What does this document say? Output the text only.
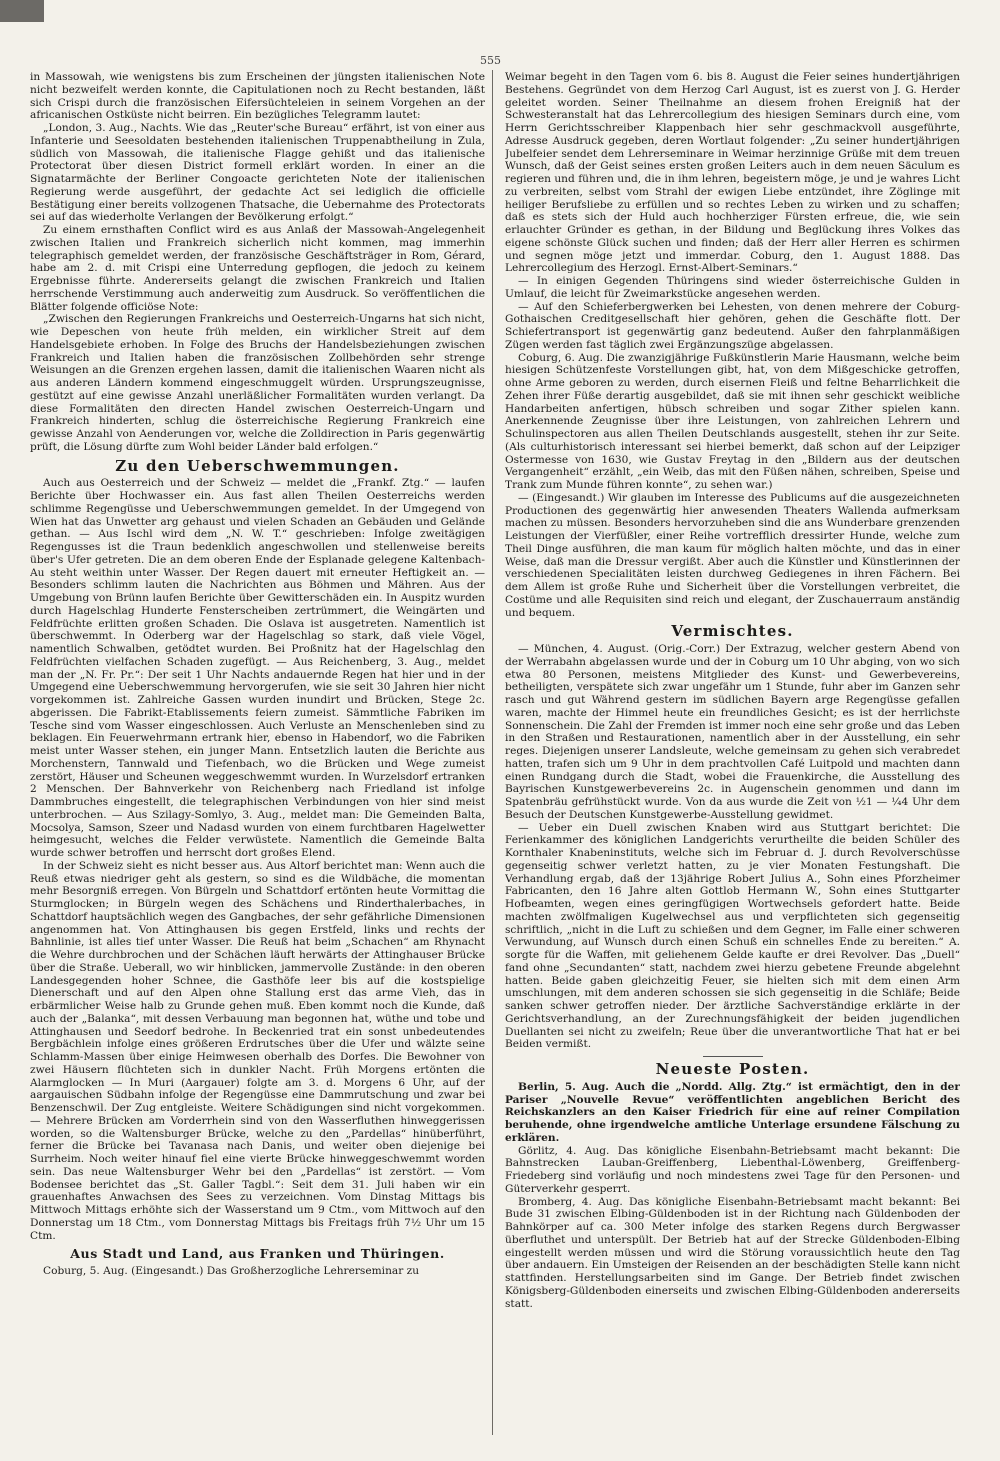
555

in Massowah, wie wenigstens bis zum Erscheinen der jüngsten italienischen Note nicht bezweifelt werden konnte, die Capitulationen noch zu Recht bestanden, läßt sich Crispi durch die französischen Eifersüchteleien in seinem Vorgehen an der africanischen Ostküste nicht beirren. Ein bezügliches Telegramm lautet:

„London, 3. Aug., Nachts. Wie das „Reuter'sche Bureau“ erfährt, ist von einer aus Infanterie und Seesoldaten bestehenden italienischen Truppenabtheilung in Zula, südlich von Massowah, die italienische Flagge gehißt und das italienische Protectorat über diesen District formell erklärt worden. In einer an die Signatarmächte der Berliner Congoacte gerichteten Note der italienischen Regierung werde ausgeführt, der gedachte Act sei lediglich die officielle Bestätigung einer bereits vollzogenen Thatsache, die Uebernahme des Protectorats sei auf das wiederholte Verlangen der Bevölkerung erfolgt.“

Zu einem ernsthaften Conflict wird es aus Anlaß der Massowah-Angelegenheit zwischen Italien und Frankreich sicherlich nicht kommen, mag immerhin telegraphisch gemeldet werden, der französische Geschäftsträger in Rom, Gérard, habe am 2. d. mit Crispi eine Unterredung gepflogen, die jedoch zu keinem Ergebnisse führte. Andererseits gelangt die zwischen Frankreich und Italien herrschende Verstimmung auch anderweitig zum Ausdruck. So veröffentlichen die Blätter folgende officiöse Note:

„Zwischen den Regierungen Frankreichs und Oesterreich-Ungarns hat sich nicht, wie Depeschen von heute früh melden, ein wirklicher Streit auf dem Handelsgebiete erhoben. In Folge des Bruchs der Handelsbeziehungen zwischen Frankreich und Italien haben die französischen Zollbehörden sehr strenge Weisungen an die Grenzen ergehen lassen, damit die italienischen Waaren nicht als aus anderen Ländern kommend eingeschmuggelt würden. Ursprungszeugnisse, gestützt auf eine gewisse Anzahl unerläßlicher Formalitäten wurden verlangt. Da diese Formalitäten den directen Handel zwischen Oesterreich-Ungarn und Frankreich hinderten, schlug die österreichische Regierung Frankreich eine gewisse Anzahl von Aenderungen vor, welche die Zolldirection in Paris gegenwärtig prüft, die Lösung dürfte zum Wohl beider Länder bald erfolgen.“

Zu den Ueberschwemmungen.

Auch aus Oesterreich und der Schweiz — meldet die „Frankf. Ztg.“ — laufen Berichte über Hochwasser ein. Aus fast allen Theilen Oesterreichs werden schlimme Regengüsse und Ueberschwemmungen gemeldet. In der Umgegend von Wien hat das Unwetter arg gehaust und vielen Schaden an Gebäuden und Gelände gethan. — Aus Ischl wird dem „N. W. T.“ geschrieben: Infolge zweitägigen Regengusses ist die Traun bedenklich angeschwollen und stellenweise bereits über's Ufer getreten. Die an dem oberen Ende der Esplanade gelegene Kaltenbach-Au steht weithin unter Wasser. Der Regen dauert mit erneuter Heftigkeit an. — Besonders schlimm lauten die Nachrichten aus Böhmen und Mähren. Aus der Umgebung von Brünn laufen Berichte über Gewitterschäden ein. In Auspitz wurden durch Hagelschlag Hunderte Fensterscheiben zertrümmert, die Weingärten und Feldfrüchte erlitten großen Schaden. Die Oslava ist ausgetreten. Namentlich ist überschwemmt. In Oderberg war der Hagelschlag so stark, daß viele Vögel, namentlich Schwalben, getödtet wurden. Bei Proßnitz hat der Hagelschlag den Feldfrüchten vielfachen Schaden zugefügt. — Aus Reichenberg, 3. Aug., meldet man der „N. Fr. Pr.“: Der seit 1 Uhr Nachts andauernde Regen hat hier und in der Umgegend eine Ueberschwemmung hervorgerufen, wie sie seit 30 Jahren hier nicht vorgekommen ist. Zahlreiche Gassen wurden inundirt und Brücken, Stege 2c. abgerissen. Die Fabrikt-Etablissements feiern zumeist. Sämmtliche Fabriken im Tesche sind vom Wasser eingeschlossen. Auch Verluste an Menschenleben sind zu beklagen. Ein Feuerwehrmann ertrank hier, ebenso in Habendorf, wo die Fabriken meist unter Wasser stehen, ein junger Mann. Entsetzlich lauten die Berichte aus Morchenstern, Tannwald und Tiefenbach, wo die Brücken und Wege zumeist zerstört, Häuser und Scheunen weggeschwemmt wurden. In Wurzelsdorf ertranken 2 Menschen. Der Bahnverkehr von Reichenberg nach Friedland ist infolge Dammbruches eingestellt, die telegraphischen Verbindungen von hier sind meist unterbrochen. — Aus Szilagy-Somlyo, 3. Aug., meldet man: Die Gemeinden Balta, Mocsolya, Samson, Szeer und Nadasd wurden von einem furchtbaren Hagelwetter heimgesucht, welches die Felder verwüstete. Namentlich die Gemeinde Balta wurde schwer betroffen und herrscht dort großes Elend.

In der Schweiz sieht es nicht besser aus. Aus Altorf berichtet man: Wenn auch die Reuß etwas niedriger geht als gestern, so sind es die Wildbäche, die momentan mehr Besorgniß erregen. Von Bürgeln und Schattdorf ertönten heute Vormittag die Sturmglocken; in Bürgeln wegen des Schächens und Rinderthalerbaches, in Schattdorf hauptsächlich wegen des Gangbaches, der sehr gefährliche Dimensionen angenommen hat. Von Attinghausen bis gegen Erstfeld, links und rechts der Bahnlinie, ist alles tief unter Wasser. Die Reuß hat beim „Schachen“ am Rhynacht die Wehre durchbrochen und der Schächen läuft herwärts der Attinghauser Brücke über die Straße. Ueberall, wo wir hinblicken, jammervolle Zustände: in den oberen Landesgegenden hoher Schnee, die Gasthöfe leer bis auf die kostspielige Dienerschaft und auf den Alpen ohne Stallung erst das arme Vieh, das in erbärmlicher Weise halb zu Grunde gehen muß. Eben kommt noch die Kunde, daß auch der „Balanka“, mit dessen Verbauung man begonnen hat, wüthe und tobe und Attinghausen und Seedorf bedrohe. In Beckenried trat ein sonst unbedeutendes Bergbächlein infolge eines größeren Erdrutsches über die Ufer und wälzte seine Schlamm-Massen über einige Heimwesen oberhalb des Dorfes. Die Bewohner von zwei Häusern flüchteten sich in dunkler Nacht. Früh Morgens ertönten die Alarmglocken — In Muri (Aargauer) folgte am 3. d. Morgens 6 Uhr, auf der aargauischen Südbahn infolge der Regengüsse eine Dammrutschung und zwar bei Benzenschwil. Der Zug entgleiste. Weitere Schädigungen sind nicht vorgekommen. — Mehrere Brücken am Vorderrhein sind von den Wasserfluthen hinweggerissen worden, so die Waltensburger Brücke, welche zu den „Pardellas“ hinüberführt, ferner die Brücke bei Tavanasa nach Danis, und weiter oben diejenige bei Surrheim. Noch weiter hinauf fiel eine vierte Brücke hinweggeschwemmt worden sein. Das neue Waltensburger Wehr bei den „Pardellas“ ist zerstört. — Vom Bodensee berichtet das „St. Galler Tagbl.“: Seit dem 31. Juli haben wir ein grauenhaftes Anwachsen des Sees zu verzeichnen. Vom Dinstag Mittags bis Mittwoch Mittags erhöhte sich der Wasserstand um 9 Ctm., vom Mittwoch auf den Donnerstag um 18 Ctm., vom Donnerstag Mittags bis Freitags früh 7½ Uhr um 15 Ctm.

Aus Stadt und Land, aus Franken und Thüringen.

Coburg, 5. Aug. (Eingesandt.) Das Großherzogliche Lehrerseminar zu

Weimar begeht in den Tagen vom 6. bis 8. August die Feier seines hundertjährigen Bestehens. Gegründet von dem Herzog Carl August, ist es zuerst von J. G. Herder geleitet worden. Seiner Theilnahme an diesem frohen Ereigniß hat der Schwesteranstalt hat das Lehrercollegium des hiesigen Seminars durch eine, vom Herrn Gerichtsschreiber Klappenbach hier sehr geschmackvoll ausgeführte, Adresse Ausdruck gegeben, deren Wortlaut folgender: „Zu seiner hundertjährigen Jubelfeier sendet dem Lehrerseminare in Weimar herzinnige Grüße mit dem treuen Wunsch, daß der Geist seines ersten großen Leiters auch in dem neuen Säculum es regieren und führen und, die in ihm lehren, begeistern möge, je und je wahres Licht zu verbreiten, selbst vom Strahl der ewigen Liebe entzündet, ihre Zöglinge mit heiliger Berufsliebe zu erfüllen und so rechtes Leben zu wirken und zu schaffen; daß es stets sich der Huld auch hochherziger Fürsten erfreue, die, wie sein erlauchter Gründer es gethan, in der Bildung und Beglückung ihres Volkes das eigene schönste Glück suchen und finden; daß der Herr aller Herren es schirmen und segnen möge jetzt und immerdar. Coburg, den 1. August 1888. Das Lehrercollegium des Herzogl. Ernst-Albert-Seminars.“

— In einigen Gegenden Thüringens sind wieder österreichische Gulden in Umlauf, die leicht für Zweimarkstücke angesehen werden.

— Auf den Schieferbergwerken bei Lehesten, von denen mehrere der Coburg-Gothaischen Creditgesellschaft hier gehören, gehen die Geschäfte flott. Der Schiefertransport ist gegenwärtig ganz bedeutend. Außer den fahrplanmäßigen Zügen werden fast täglich zwei Ergänzungszüge abgelassen.

Coburg, 6. Aug. Die zwanzigjährige Fußkünstlerin Marie Hausmann, welche beim hiesigen Schützenfeste Vorstellungen gibt, hat, von dem Mißgeschicke getroffen, ohne Arme geboren zu werden, durch eisernen Fleiß und feltne Beharrlichkeit die Zehen ihrer Füße derartig ausgebildet, daß sie mit ihnen sehr geschickt weibliche Handarbeiten anfertigen, hübsch schreiben und sogar Zither spielen kann. Anerkennende Zeugnisse über ihre Leistungen, von zahlreichen Lehrern und Schulinspectoren aus allen Theilen Deutschlands ausgestellt, stehen ihr zur Seite. (Als culturhistorisch interessant sei hierbei bemerkt, daß schon auf der Leipziger Ostermesse von 1630, wie Gustav Freytag in den „Bildern aus der deutschen Vergangenheit“ erzählt, „ein Weib, das mit den Füßen nähen, schreiben, Speise und Trank zum Munde führen konnte“, zu sehen war.)

— (Eingesandt.) Wir glauben im Interesse des Publicums auf die ausgezeichneten Productionen des gegenwärtig hier anwesenden Theaters Wallenda aufmerksam machen zu müssen. Besonders hervorzuheben sind die ans Wunderbare grenzenden Leistungen der Vierfüßler, einer Reihe vortrefflich dressirter Hunde, welche zum Theil Dinge ausführen, die man kaum für möglich halten möchte, und das in einer Weise, daß man die Dressur vergißt. Aber auch die Künstler und Künstlerinnen der verschiedenen Specialitäten leisten durchweg Gediegenes in ihren Fächern. Bei dem Allem ist große Ruhe und Sicherheit über die Vorstellungen verbreitet, die Costüme und alle Requisiten sind reich und elegant, der Zuschauerraum anständig und bequem.

Vermischtes.

— München, 4. August. (Orig.-Corr.) Der Extrazug, welcher gestern Abend von der Werrabahn abgelassen wurde und der in Coburg um 10 Uhr abging, von wo sich etwa 80 Personen, meistens Mitglieder des Kunst- und Gewerbevereins, betheiligten, verspätete sich zwar ungefähr um 1 Stunde, fuhr aber im Ganzen sehr rasch und gut Während gestern im südlichen Bayern arge Regengüsse gefallen waren, machte der Himmel heute ein freundliches Gesicht; es ist der herrlichste Sonnenschein. Die Zahl der Fremden ist immer noch eine sehr große und das Leben in den Straßen und Restaurationen, namentlich aber in der Ausstellung, ein sehr reges. Diejenigen unserer Landsleute, welche gemeinsam zu gehen sich verabredet hatten, trafen sich um 9 Uhr in dem prachtvollen Café Luitpold und machten dann einen Rundgang durch die Stadt, wobei die Frauenkirche, die Ausstellung des Bayrischen Kunstgewerbevereins 2c. in Augenschein genommen und dann im Spatenbräu gefrühstückt wurde. Von da aus wurde die Zeit von ½1 — ¼4 Uhr dem Besuch der Deutschen Kunstgewerbe-Ausstellung gewidmet.

— Ueber ein Duell zwischen Knaben wird aus Stuttgart berichtet: Die Ferienkammer des königlichen Landgerichts verurtheilte die beiden Schüler des Kornthaler Knabeninstituts, welche sich im Februar d. J. durch Revolverschüsse gegenseitig schwer verletzt hatten, zu je vier Monaten Festungshaft. Die Verhandlung ergab, daß der 13jährige Robert Julius A., Sohn eines Pforzheimer Fabricanten, den 16 Jahre alten Gottlob Hermann W., Sohn eines Stuttgarter Hofbeamten, wegen eines geringfügigen Wortwechsels gefordert hatte. Beide machten zwölfmaligen Kugelwechsel aus und verpflichteten sich gegenseitig schriftlich, „nicht in die Luft zu schießen und dem Gegner, im Falle einer schweren Verwundung, auf Wunsch durch einen Schuß ein schnelles Ende zu bereiten.“ A. sorgte für die Waffen, mit geliehenem Gelde kaufte er drei Revolver. Das „Duell“ fand ohne „Secundanten“ statt, nachdem zwei hierzu gebetene Freunde abgelehnt hatten. Beide gaben gleichzeitig Feuer, sie hielten sich mit dem einen Arm umschlungen, mit dem anderen schossen sie sich gegenseitig in die Schläfe; Beide sanken schwer getroffen nieder. Der ärztliche Sachverständige erklärte in der Gerichtsverhandlung, an der Zurechnungsfähigkeit der beiden jugendlichen Duellanten sei nicht zu zweifeln; Reue über die unverantwortliche That hat er bei Beiden vermißt.

Neueste Posten.

Berlin, 5. Aug. Auch die „Nordd. Allg. Ztg.“ ist ermächtigt, den in der Pariser „Nouvelle Revue“ veröffentlichten angeblichen Bericht des Reichskanzlers an den Kaiser Friedrich für eine auf reiner Compilation beruhende, ohne irgendwelche amtliche Unterlage ersundene Fälschung zu erklären.

Görlitz, 4. Aug. Das königliche Eisenbahn-Betriebsamt macht bekannt: Die Bahnstrecken Lauban-Greiffenberg, Liebenthal-Löwenberg, Greiffenberg-Friedeberg sind vorläufig und noch mindestens zwei Tage für den Personen- und Güterverkehr gesperrt.

Bromberg, 4. Aug. Das königliche Eisenbahn-Betriebsamt macht bekannt: Bei Bude 31 zwischen Elbing-Güldenboden ist in der Richtung nach Güldenboden der Bahnkörper auf ca. 300 Meter infolge des starken Regens durch Bergwasser überfluthet und unterspült. Der Betrieb hat auf der Strecke Güldenboden-Elbing eingestellt werden müssen und wird die Störung voraussichtlich heute den Tag über andauern. Ein Umsteigen der Reisenden an der beschädigten Stelle kann nicht stattfinden. Herstellungsarbeiten sind im Gange. Der Betrieb findet zwischen Königsberg-Güldenboden einerseits und zwischen Elbing-Güldenboden andererseits statt.
